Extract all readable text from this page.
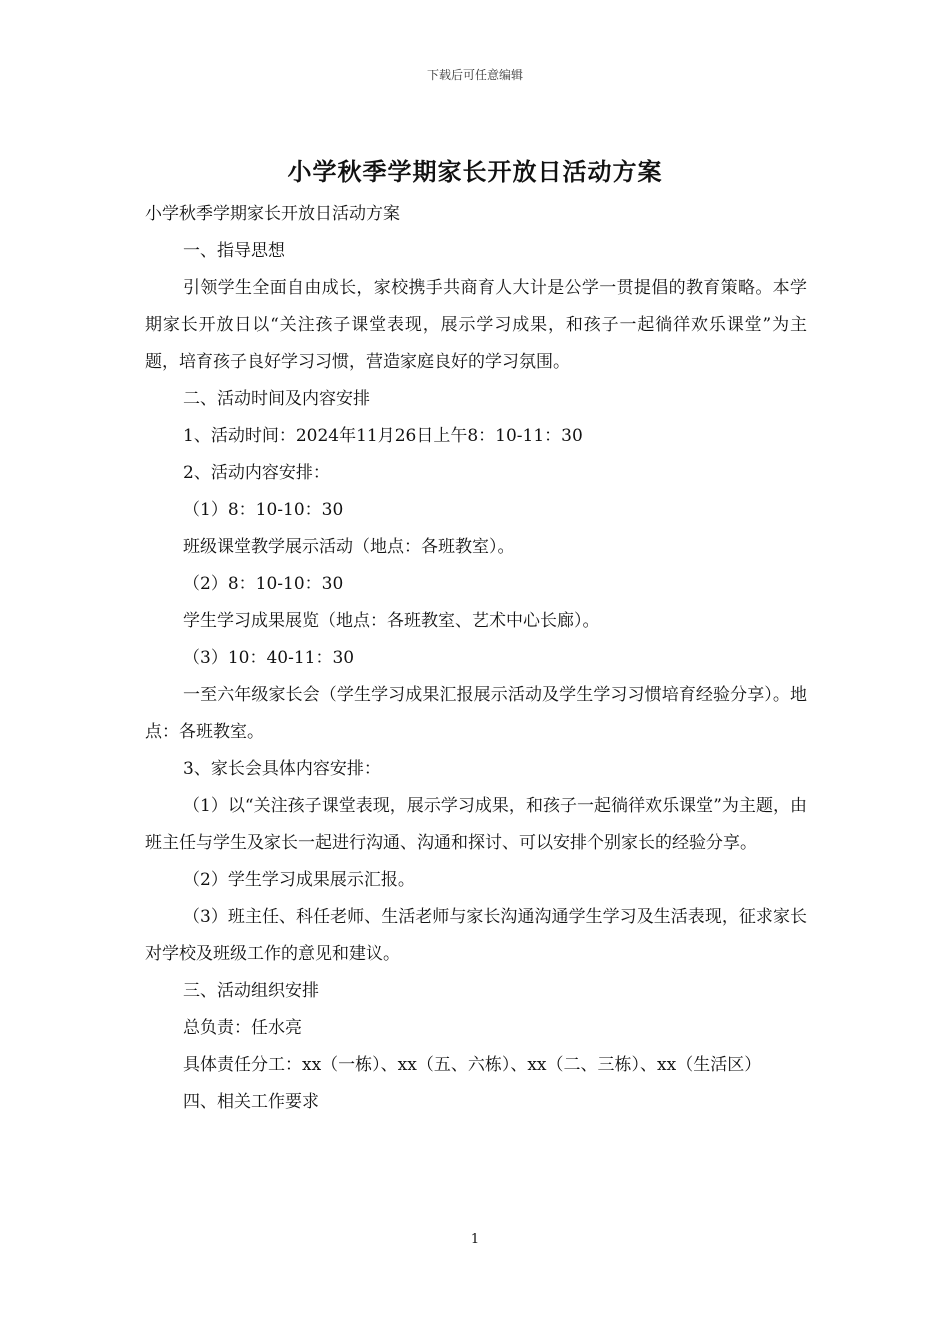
下载后可任意编辑
小学秋季学期家长开放日活动方案

小学秋季学期家长开放日活动方案

一、指导思想

引领学生全面自由成长，家校携手共商育人大计是公学一贯提倡的教育策略。本学期家长开放日以“关注孩子课堂表现，展示学习成果，和孩子一起徜徉欢乐课堂”为主题，培育孩子良好学习习惯，营造家庭良好的学习氛围。

二、活动时间及内容安排

1、活动时间：2024年11月26日上午8：10-11：30

2、活动内容安排：

（1）8：10-10：30

班级课堂教学展示活动（地点：各班教室）。

（2）8：10-10：30

学生学习成果展览（地点：各班教室、艺术中心长廊）。

（3）10：40-11：30

一至六年级家长会（学生学习成果汇报展示活动及学生学习习惯培育经验分享）。地点：各班教室。

3、家长会具体内容安排：

（1）以“关注孩子课堂表现，展示学习成果，和孩子一起徜徉欢乐课堂”为主题，由班主任与学生及家长一起进行沟通、沟通和探讨、可以安排个别家长的经验分享。

（2）学生学习成果展示汇报。

（3）班主任、科任老师、生活老师与家长沟通沟通学生学习及生活表现，征求家长对学校及班级工作的意见和建议。

三、活动组织安排

总负责：任水亮

具体责任分工：xx（一栋）、xx（五、六栋）、xx（二、三栋）、xx（生活区）

四、相关工作要求

1
